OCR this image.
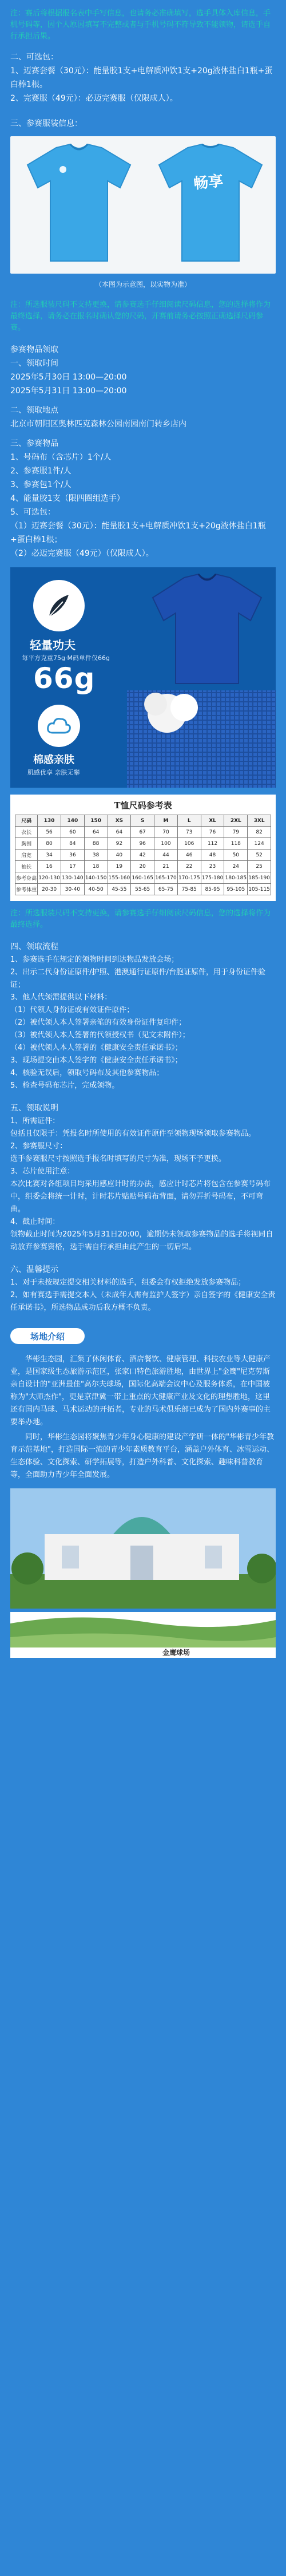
注：赛后将根据报名表中手写信息，也请务必准确填写，选手具体入库信息，手机号码等，因个人原因填写不完整或者与手机号码不符导致不能领物，请选手自行承担后果。

二、可选包：

1、迈赛套餐（30元）：能量胶1支+电解质冲饮1支+20g液体盐白1瓶+蛋白棒1根。

2、完赛服（49元）：必迈完赛服（仅限成人）。

三、参赛服装信息：

畅享

（本图为示意图，以实物为准）

注：所选服装尺码不支持更换，请参赛选手仔细阅读尺码信息，您的选择将作为最终选择，请务必在报名时确认您的尺码，开赛前请务必按照正确选择尺码参赛。

参赛物品领取

一、领取时间

2025年5月30日 13:00—20:00

2025年5月31日 13:00—20:00

二、领取地点

北京市朝阳区奥林匹克森林公园南园南门转乡店内

三、参赛物品

1、号码布（含芯片）1个/人

2、参赛服1件/人

3、参赛包1个/人

4、能量胶1支（限四圈组选手）

5、可选包：

（1）迈赛套餐（30元）：能量胶1支+电解质冲饮1支+20g液体盐白1瓶+蛋白棒1根；

（2）必迈完赛服（49元）（仅限成人）。

轻量功夫
每平方克重75g·M码单件仅66g
66g
棉感亲肤
肌感优享 亲肤无攀
T恤尺码参考表
尺码	130	140	150	XS	S	M	L	XL	2XL	3XL
衣长	56	60	64	64	67	70	73	76	79	82
胸围	80	84	88	92	96	100	106	112	118	124
肩宽	34	36	38	40	42	44	46	48	50	52
袖长	16	17	18	19	20	21	22	23	24	25
参考身高	120-130	130-140	140-150	155-160	160-165	165-170	170-175	175-180	180-185	185-190
参考体重	20-30	30-40	40-50	45-55	55-65	65-75	75-85	85-95	95-105	105-115

注：所选服装尺码不支持更换，请参赛选手仔细阅读尺码信息，您的选择将作为最终选择。

四、领取流程

1、参赛选手在规定的领物时间到达物品发放会场；

2、出示二代身份证原件/护照、港澳通行证原件/台胞证原件，用于身份证件验证；

3、他人代领需提供以下材料：

（1）代领人身份证或有效证件原件；

（2）被代领人本人签署亲笔的有效身份证件复印件；

（3）被代领人本人签署的代领授权书（见文末附件）；

（4）被代领人本人签署的《健康安全责任承诺书》；

3、现场提交由本人签字的《健康安全责任承诺书》；

4、核验无误后，领取号码布及其他参赛物品；

5、检查号码布芯片，完成领物。

五、领取说明

1、所需证件：

包括且仅限于：凭报名时所使用的有效证件原件至领物现场领取参赛物品。

2、参赛服尺寸：

选手参赛服尺寸按照选手报名时填写的尺寸为准，现场不予更换。

3、芯片使用注意：

本次比赛对各组项目均采用感应计时的办法，感应计时芯片将包含在参赛号码布中，组委会将统一计时，计时芯片贴贴号码布背面，请勿弄折号码布，不可弯曲。

4、截止时间：

领物截止时间为2025年5月31日20:00，逾期仍未领取参赛物品的选手将视同自动放弃参赛资格，选手需自行承担由此产生的一切后果。

六、温馨提示

1、对于未按规定提交相关材料的选手，组委会有权拒绝发放参赛物品；

2、如有赛选手需提交本人（未成年人需有监护人签字）亲自签字的《健康安全责任承诺书》，所选物品成功后我方概不负责。

场地介绍

华彬生态园，汇集了休闲体育、酒店餐饮、健康管理、科技农业等大健康产业，是国家级生态旅游示范区，张家口特色旅游胜地，由世界上"金鹰"尼克劳斯亲自设计的"亚洲最佳"高尔夫球场，国际化高端会议中心及服务体系，在中国被称为"大师杰作"，更是京津冀一带上重点的大健康产业及文化的理想胜地，这里还有国内马球、马术运动的开拓者，专业的马术俱乐部已成为了国内外赛事的主要举办地。

同时，华彬生态园将聚焦青少年身心健康的建设产学研一体的"华彬青少年教育示范基地"，打造国际一流的青少年素质教育平台，涵盖户外体育、冰雪运动、生态体验、文化探索、研学拓展等，打造户外科普、文化探索、趣味科普教育等，全面助力青少年全面发展。

金鹰球场
